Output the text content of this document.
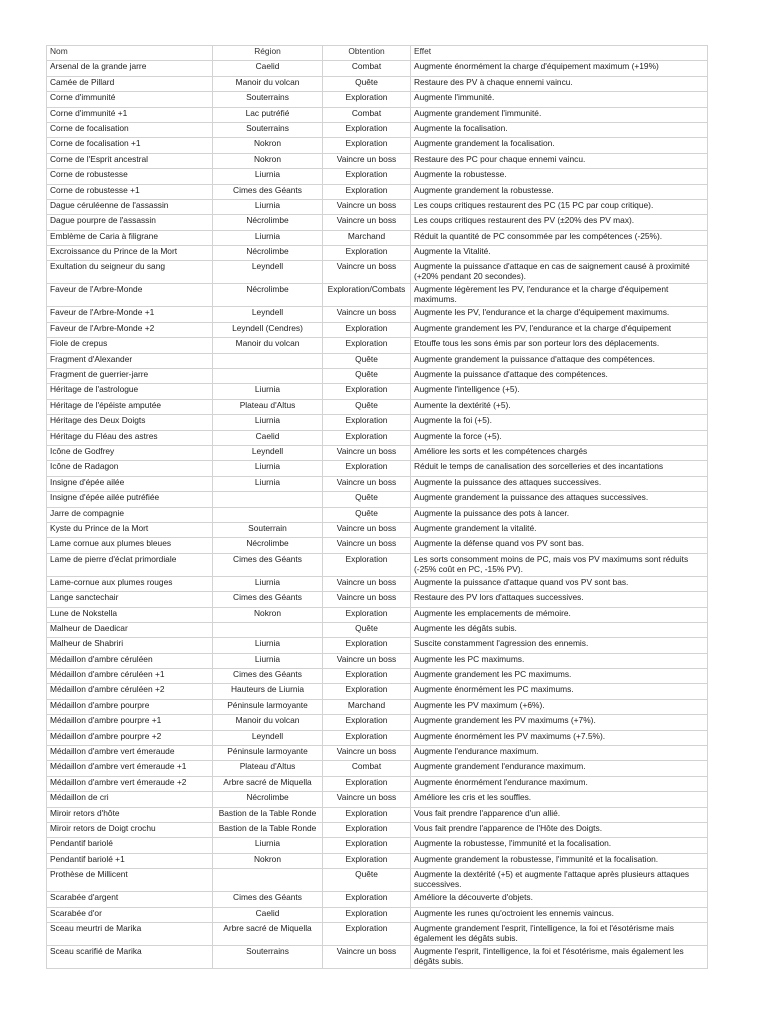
Nom	Région	Obtention	Effet
Arsenal de la grande jarre	Caelid	Combat	Augmente énormément la charge d'équipement maximum (+19%)
Camée de Pillard	Manoir du volcan	Quête	Restaure des PV à chaque ennemi vaincu.
Corne d'immunité	Souterrains	Exploration	Augmente l'immunité.
Corne d'immunité +1	Lac putréfié	Combat	Augmente grandement l'immunité.
Corne de focalisation	Souterrains	Exploration	Augmente la focalisation.
Corne de focalisation +1	Nokron	Exploration	Augmente grandement la focalisation.
Corne de l'Esprit ancestral	Nokron	Vaincre un boss	Restaure des PC pour chaque ennemi vaincu.
Corne de robustesse	Liurnia	Exploration	Augmente la robustesse.
Corne de robustesse +1	Cimes des Géants	Exploration	Augmente grandement la robustesse.
Dague céruléenne de l'assassin	Liurnia	Vaincre un boss	Les coups critiques restaurent des PC (15 PC par coup critique).
Dague pourpre de l'assassin	Nécrolimbe	Vaincre un boss	Les coups critiques restaurent des PV (±20% des PV max).
Emblème de Caria à filigrane	Liurnia	Marchand	Réduit la quantité de PC consommée par les compétences (-25%).
Excroissance du Prince de la Mort	Nécrolimbe	Exploration	Augmente la Vitalité.
Exultation du seigneur du sang	Leyndell	Vaincre un boss	Augmente la puissance d'attaque en cas de saignement causé à proximité (+20% pendant 20 secondes).
Faveur de l'Arbre-Monde	Nécrolimbe	Exploration/Combats	Augmente légèrement les PV, l'endurance et la charge d'équipement maximums.
Faveur de l'Arbre-Monde +1	Leyndell	Vaincre un boss	Augmente les PV, l'endurance et la charge d'équipement maximums.
Faveur de l'Arbre-Monde +2	Leyndell (Cendres)	Exploration	Augmente grandement les PV, l'endurance et la charge d'équipement
Fiole de crepus	Manoir du volcan	Exploration	Etouffe tous les sons émis par son porteur lors des déplacements.
Fragment d'Alexander		Quête	Augmente grandement la puissance d'attaque des compétences.
Fragment de guerrier-jarre		Quête	Augmente la puissance d'attaque des compétences.
Héritage de l'astrologue	Liurnia	Exploration	Augmente l'intelligence (+5).
Héritage de l'épéiste amputée	Plateau d'Altus	Quête	Aumente la dextérité (+5).
Héritage des Deux Doigts	Liurnia	Exploration	Augmente la foi (+5).
Héritage du Fléau des astres	Caelid	Exploration	Augmente la force (+5).
Icône de Godfrey	Leyndell	Vaincre un boss	Améliore les sorts et les compétences chargés
Icône de Radagon	Liurnia	Exploration	Réduit le temps de canalisation des sorcelleries et des incantations
Insigne d'épée ailée	Liurnia	Vaincre un boss	Augmente la puissance des attaques successives.
Insigne d'épée ailée putréfiée		Quête	Augmente grandement la puissance des attaques successives.
Jarre de compagnie		Quête	Augmente la puissance des pots à lancer.
Kyste du Prince de la Mort	Souterrain	Vaincre un boss	Augmente grandement la vitalité.
Lame cornue aux plumes bleues	Nécrolimbe	Vaincre un boss	Augmente la défense quand vos PV sont bas.
Lame de pierre d'éclat primordiale	Cimes des Géants	Exploration	Les sorts consomment moins de PC, mais vos PV maximums sont réduits (-25% coût en PC, -15% PV).
Lame-cornue aux plumes rouges	Liurnia	Vaincre un boss	Augmente la puissance d'attaque quand vos PV sont bas.
Lange sanctechair	Cimes des Géants	Vaincre un boss	Restaure des PV lors d'attaques successives.
Lune de Nokstella	Nokron	Exploration	Augmente les emplacements de mémoire.
Malheur de Daedicar		Quête	Augmente les dégâts subis.
Malheur de Shabriri	Liurnia	Exploration	Suscite constamment l'agression des ennemis.
Médaillon d'ambre céruléen	Liurnia	Vaincre un boss	Augmente les PC maximums.
Médaillon d'ambre céruléen +1	Cimes des Géants	Exploration	Augmente grandement les PC maximums.
Médaillon d'ambre céruléen +2	Hauteurs de Liurnia	Exploration	Augmente énormément les PC maximums.
Médaillon d'ambre pourpre	Péninsule larmoyante	Marchand	Augmente les PV maximum (+6%).
Médaillon d'ambre pourpre +1	Manoir du volcan	Exploration	Augmente grandement les PV maximums (+7%).
Médaillon d'ambre pourpre +2	Leyndell	Exploration	Augmente énormément les PV maximums (+7.5%).
Médaillon d'ambre vert émeraude	Péninsule larmoyante	Vaincre un boss	Augmente l'endurance maximum.
Médaillon d'ambre vert émeraude +1	Plateau d'Altus	Combat	Augmente grandement l'endurance maximum.
Médaillon d'ambre vert émeraude +2	Arbre sacré de Miquella	Exploration	Augmente énormément l'endurance maximum.
Médaillon de cri	Nécrolimbe	Vaincre un boss	Améliore les cris et les souffles.
Miroir retors d'hôte	Bastion de la Table Ronde	Exploration	Vous fait prendre l'apparence d'un allié.
Miroir retors de Doigt crochu	Bastion de la Table Ronde	Exploration	Vous fait prendre l'apparence de l'Hôte des Doigts.
Pendantif bariolé	Liurnia	Exploration	Augmente la robustesse, l'immunité et la focalisation.
Pendantif bariolé +1	Nokron	Exploration	Augmente grandement la robustesse, l'immunité et la focalisation.
Prothèse de Millicent		Quête	Augmente la dextérité (+5) et augmente l'attaque après plusieurs attaques successives.
Scarabée d'argent	Cimes des Géants	Exploration	Améliore la découverte d'objets.
Scarabée d'or	Caelid	Exploration	Augmente les runes qu'octroient les ennemis vaincus.
Sceau meurtri de Marika	Arbre sacré de Miquella	Exploration	Augmente grandement l'esprit, l'intelligence, la foi et l'ésotérisme mais également les dégâts subis.
Sceau scarifié de Marika	Souterrains	Vaincre un boss	Augmente l'esprit, l'intelligence, la foi et l'ésotérisme, mais également les dégâts subis.
